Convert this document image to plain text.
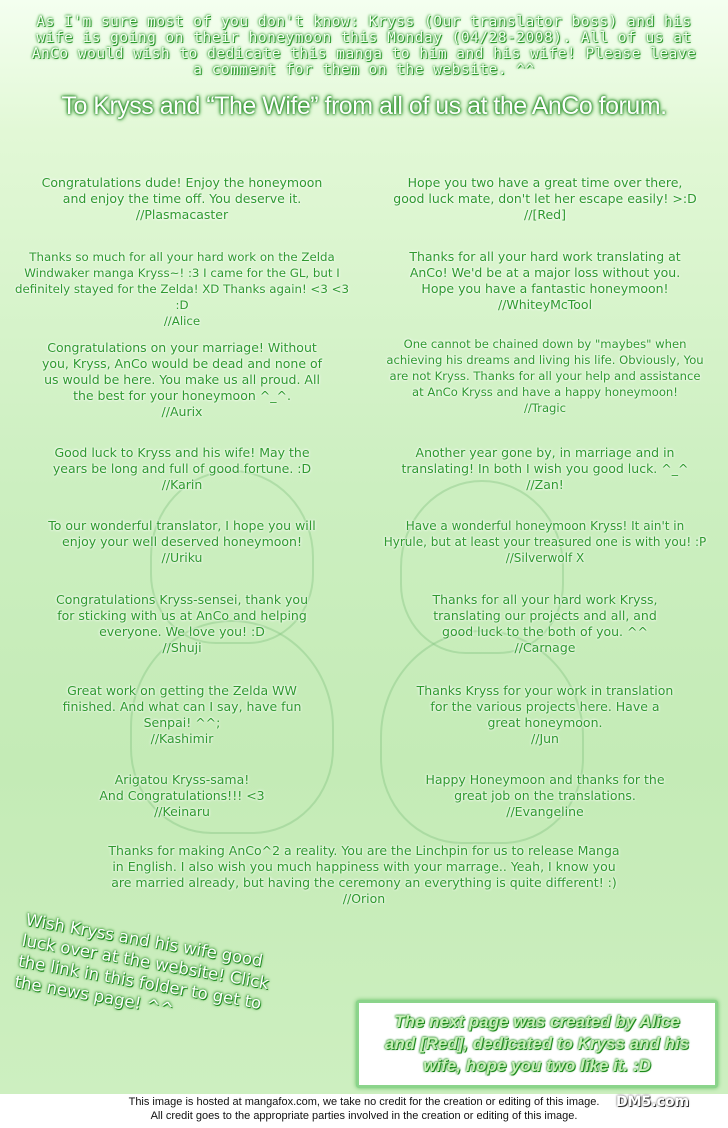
As I'm sure most of you don't know: Kryss (Our translator boss) and his wife is going on their honeymoon this Monday (04/28-2008). All of us at AnCo would wish to dedicate this manga to him and his wife! Please leave a comment for them on the website. ^^
To Kryss and “The Wife” from all of us at the AnCo forum.
Congratulations dude! Enjoy the honeymoon
and enjoy the time off. You deserve it.
//Plasmacaster
Thanks so much for all your hard work on the Zelda
Windwaker manga Kryss~! :3 I came for the GL, but I
definitely stayed for the Zelda! XD Thanks again! <3 <3 :D
//Alice
Congratulations on your marriage! Without
you, Kryss, AnCo would be dead and none of
us would be here. You make us all proud. All
the best for your honeymoon ^_^.
//Aurix
Good luck to Kryss and his wife! May the
years be long and full of good fortune. :D
//Karin
To our wonderful translator, I hope you will
enjoy your well deserved honeymoon!
//Uriku
Congratulations Kryss-sensei, thank you
for sticking with us at AnCo and helping
everyone. We love you! :D
//Shuji
Great work on getting the Zelda WW
finished. And what can I say, have fun
Senpai! ^^;
//Kashimir
Arigatou Kryss-sama!
And Congratulations!!! <3
//Keinaru
Hope you two have a great time over there,
good luck mate, don't let her escape easily! >:D
//[Red]
Thanks for all your hard work translating at
AnCo! We'd be at a major loss without you.
Hope you have a fantastic honeymoon!
//WhiteyMcTool
One cannot be chained down by "maybes" when
achieving his dreams and living his life. Obviously, You
are not Kryss. Thanks for all your help and assistance
at AnCo Kryss and have a happy honeymoon!
//Tragic
Another year gone by, in marriage and in
translating! In both I wish you good luck. ^_^
//Zan!
Have a wonderful honeymoon Kryss! It ain't in
Hyrule, but at least your treasured one is with you! :P
//Silverwolf X
Thanks for all your hard work Kryss,
translating our projects and all, and
good luck to the both of you. ^^
//Carnage
Thanks Kryss for your work in translation
for the various projects here. Have a
great honeymoon.
//Jun
Happy Honeymoon and thanks for the
great job on the translations.
//Evangeline
Thanks for making AnCo^2 a reality. You are the Linchpin for us to release Manga
in English. I also wish you much happiness with your marrage.. Yeah, I know you
are married already, but having the ceremony an everything is quite different! :)
//Orion
Wish Kryss and his wife good
luck over at the website! Click
the link in this folder to get to
the news page! ^^
The next page was created by Alice
and [Red], dedicated to Kryss and his
wife, hope you two like it. :D
This image is hosted at mangafox.com, we take no credit for the creation or editing of this image.
All credit goes to the appropriate parties involved in the creation or editing of this image.
DM5.com
